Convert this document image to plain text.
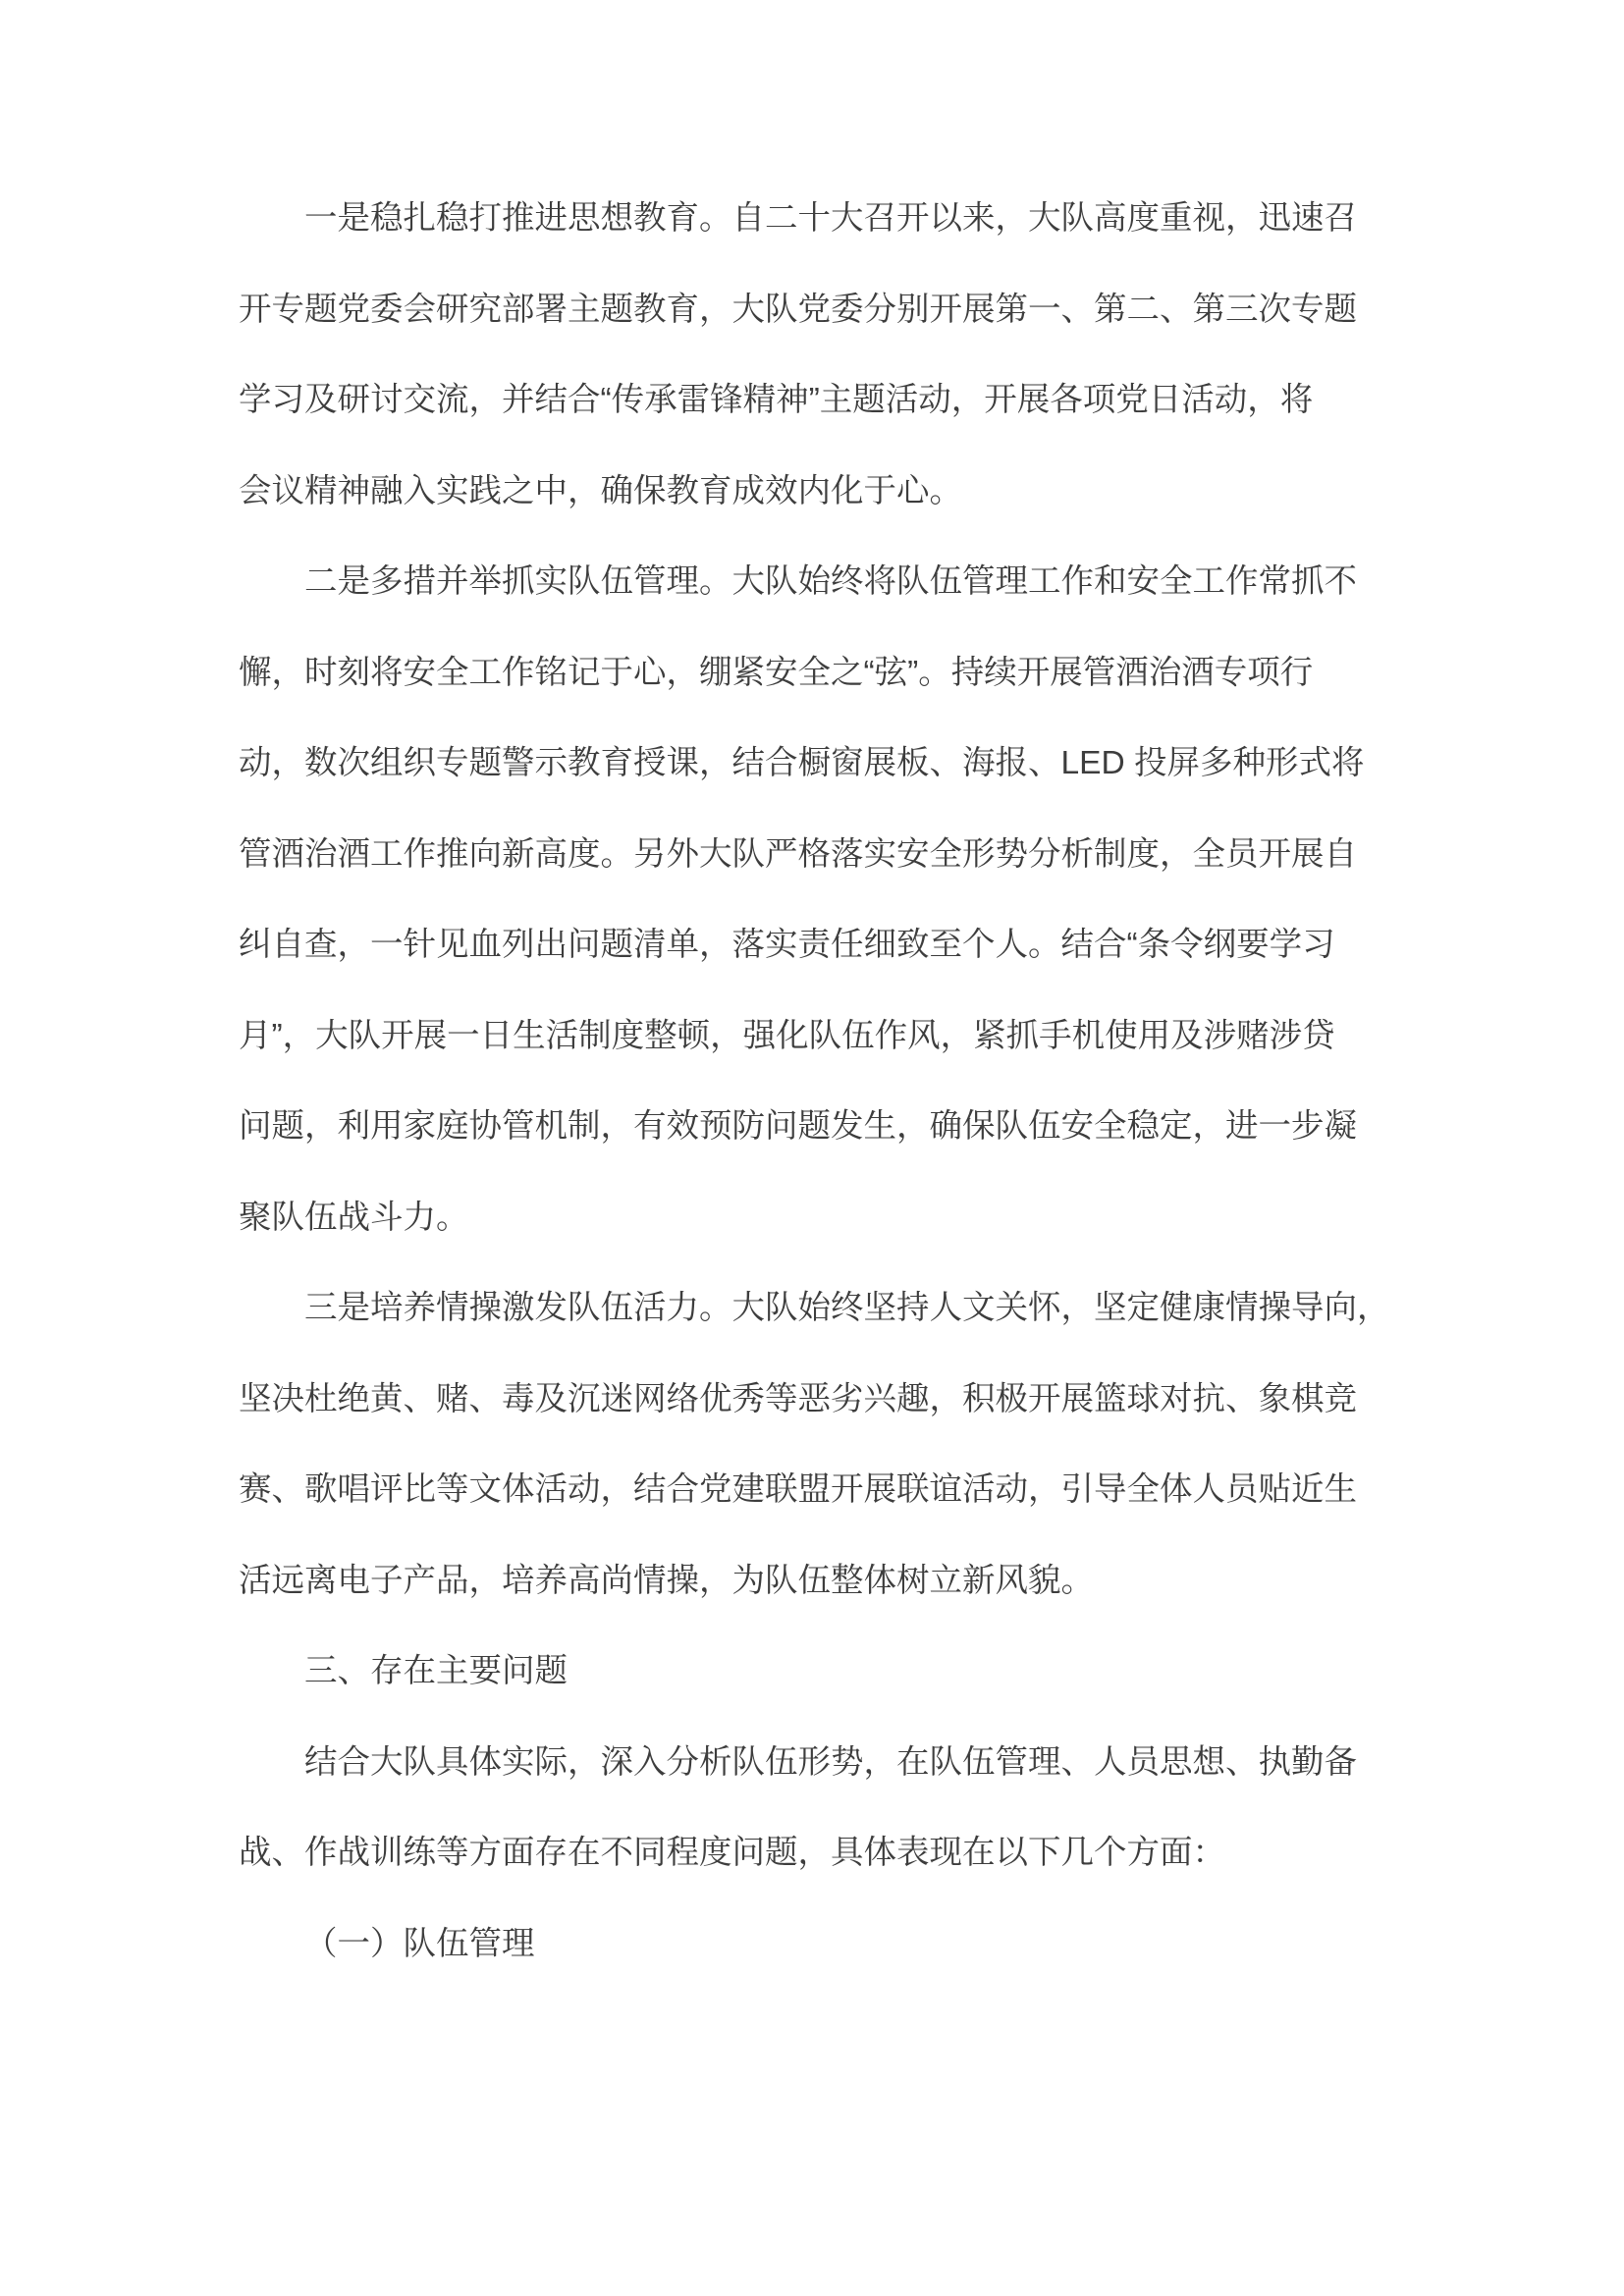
一是稳扎稳打推进思想教育。自二十大召开以来，大队高度重视，迅速召
开专题党委会研究部署主题教育，大队党委分别开展第一、第二、第三次专题
学习及研讨交流，并结合“传承雷锋精神”主题活动，开展各项党日活动，将
会议精神融入实践之中，确保教育成效内化于心。
二是多措并举抓实队伍管理。大队始终将队伍管理工作和安全工作常抓不
懈，时刻将安全工作铭记于心，绷紧安全之“弦”。持续开展管酒治酒专项行
动，数次组织专题警示教育授课，结合橱窗展板、海报、LED 投屏多种形式将
管酒治酒工作推向新高度。另外大队严格落实安全形势分析制度，全员开展自
纠自查，一针见血列出问题清单，落实责任细致至个人。结合“条令纲要学习
月”，大队开展一日生活制度整顿，强化队伍作风，紧抓手机使用及涉赌涉贷
问题，利用家庭协管机制，有效预防问题发生，确保队伍安全稳定，进一步凝
聚队伍战斗力。
三是培养情操激发队伍活力。大队始终坚持人文关怀，坚定健康情操导向，
坚决杜绝黄、赌、毒及沉迷网络优秀等恶劣兴趣，积极开展篮球对抗、象棋竞
赛、歌唱评比等文体活动，结合党建联盟开展联谊活动，引导全体人员贴近生
活远离电子产品，培养高尚情操，为队伍整体树立新风貌。
三、存在主要问题
结合大队具体实际，深入分析队伍形势，在队伍管理、人员思想、执勤备
战、作战训练等方面存在不同程度问题，具体表现在以下几个方面：
（一）队伍管理
